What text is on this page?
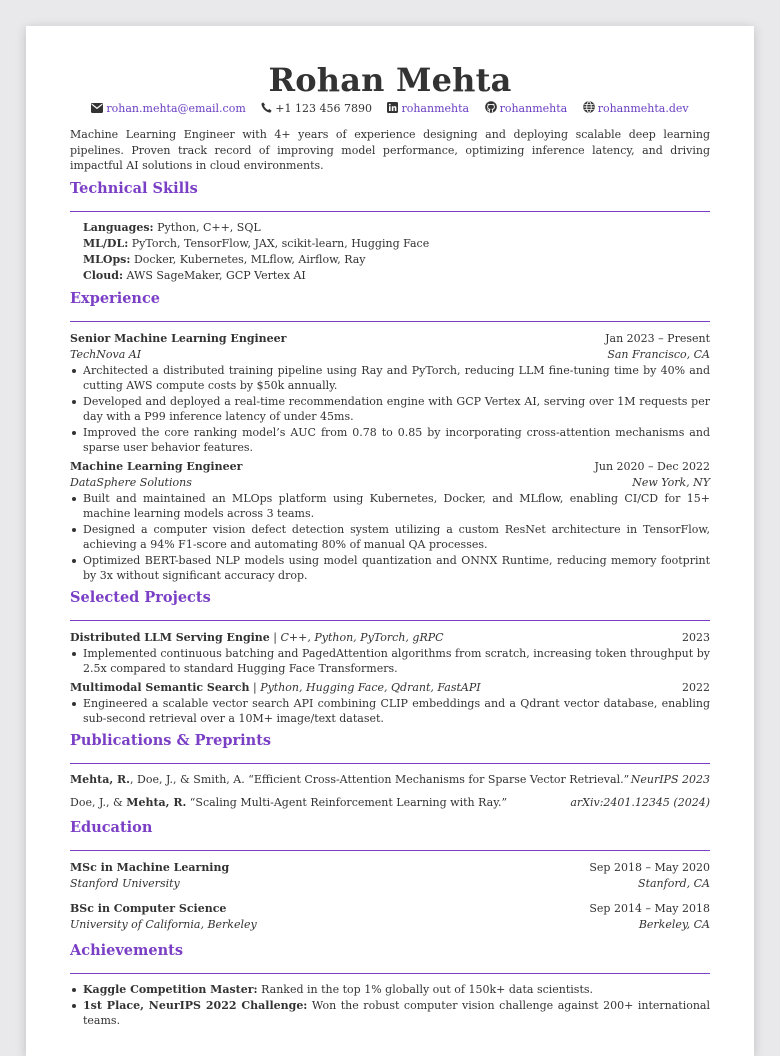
Rohan Mehta
rohan.mehta@email.com	+1 123 456 7890	rohanmehta	rohanmehta	rohanmehta.dev
Machine Learning Engineer with 4+ years of experience designing and deploying scalable deep learning pipelines. Proven track record of improving model performance, optimizing inference latency, and driving impactful AI solutions in cloud environments.
Technical Skills
Languages: Python, C++, SQL
ML/DL: PyTorch, TensorFlow, JAX, scikit-learn, Hugging Face
MLOps: Docker, Kubernetes, MLflow, Airflow, Ray
Cloud: AWS SageMaker, GCP Vertex AI
Experience
Senior Machine Learning Engineer	Jan 2023 – Present
TechNova AI	San Francisco, CA
Architected a distributed training pipeline using Ray and PyTorch, reducing LLM fine-tuning time by 40% and cutting AWS compute costs by $50k annually.
Developed and deployed a real-time recommendation engine with GCP Vertex AI, serving over 1M requests per day with a P99 inference latency of under 45ms.
Improved the core ranking model’s AUC from 0.78 to 0.85 by incorporating cross-attention mechanisms and sparse user behavior features.
Machine Learning Engineer	Jun 2020 – Dec 2022
DataSphere Solutions	New York, NY
Built and maintained an MLOps platform using Kubernetes, Docker, and MLflow, enabling CI/CD for 15+ machine learning models across 3 teams.
Designed a computer vision defect detection system utilizing a custom ResNet architecture in TensorFlow, achieving a 94% F1-score and automating 80% of manual QA processes.
Optimized BERT-based NLP models using model quantization and ONNX Runtime, reducing memory footprint by 3x without significant accuracy drop.
Selected Projects
Distributed LLM Serving Engine | C++, Python, PyTorch, gRPC	2023
Implemented continuous batching and PagedAttention algorithms from scratch, increasing token throughput by 2.5x compared to standard Hugging Face Transformers.
Multimodal Semantic Search | Python, Hugging Face, Qdrant, FastAPI	2022
Engineered a scalable vector search API combining CLIP embeddings and a Qdrant vector database, enabling sub-second retrieval over a 10M+ image/text dataset.
Publications & Preprints
Mehta, R., Doe, J., & Smith, A. “Efficient Cross-Attention Mechanisms for Sparse Vector Retrieval.” NeurIPS 2023
Doe, J., & Mehta, R. “Scaling Multi-Agent Reinforcement Learning with Ray.”	arXiv:2401.12345 (2024)
Education
MSc in Machine Learning	Sep 2018 – May 2020
Stanford University	Stanford, CA
BSc in Computer Science	Sep 2014 – May 2018
University of California, Berkeley	Berkeley, CA
Achievements
Kaggle Competition Master: Ranked in the top 1% globally out of 150k+ data scientists.
1st Place, NeurIPS 2022 Challenge: Won the robust computer vision challenge against 200+ international teams.
